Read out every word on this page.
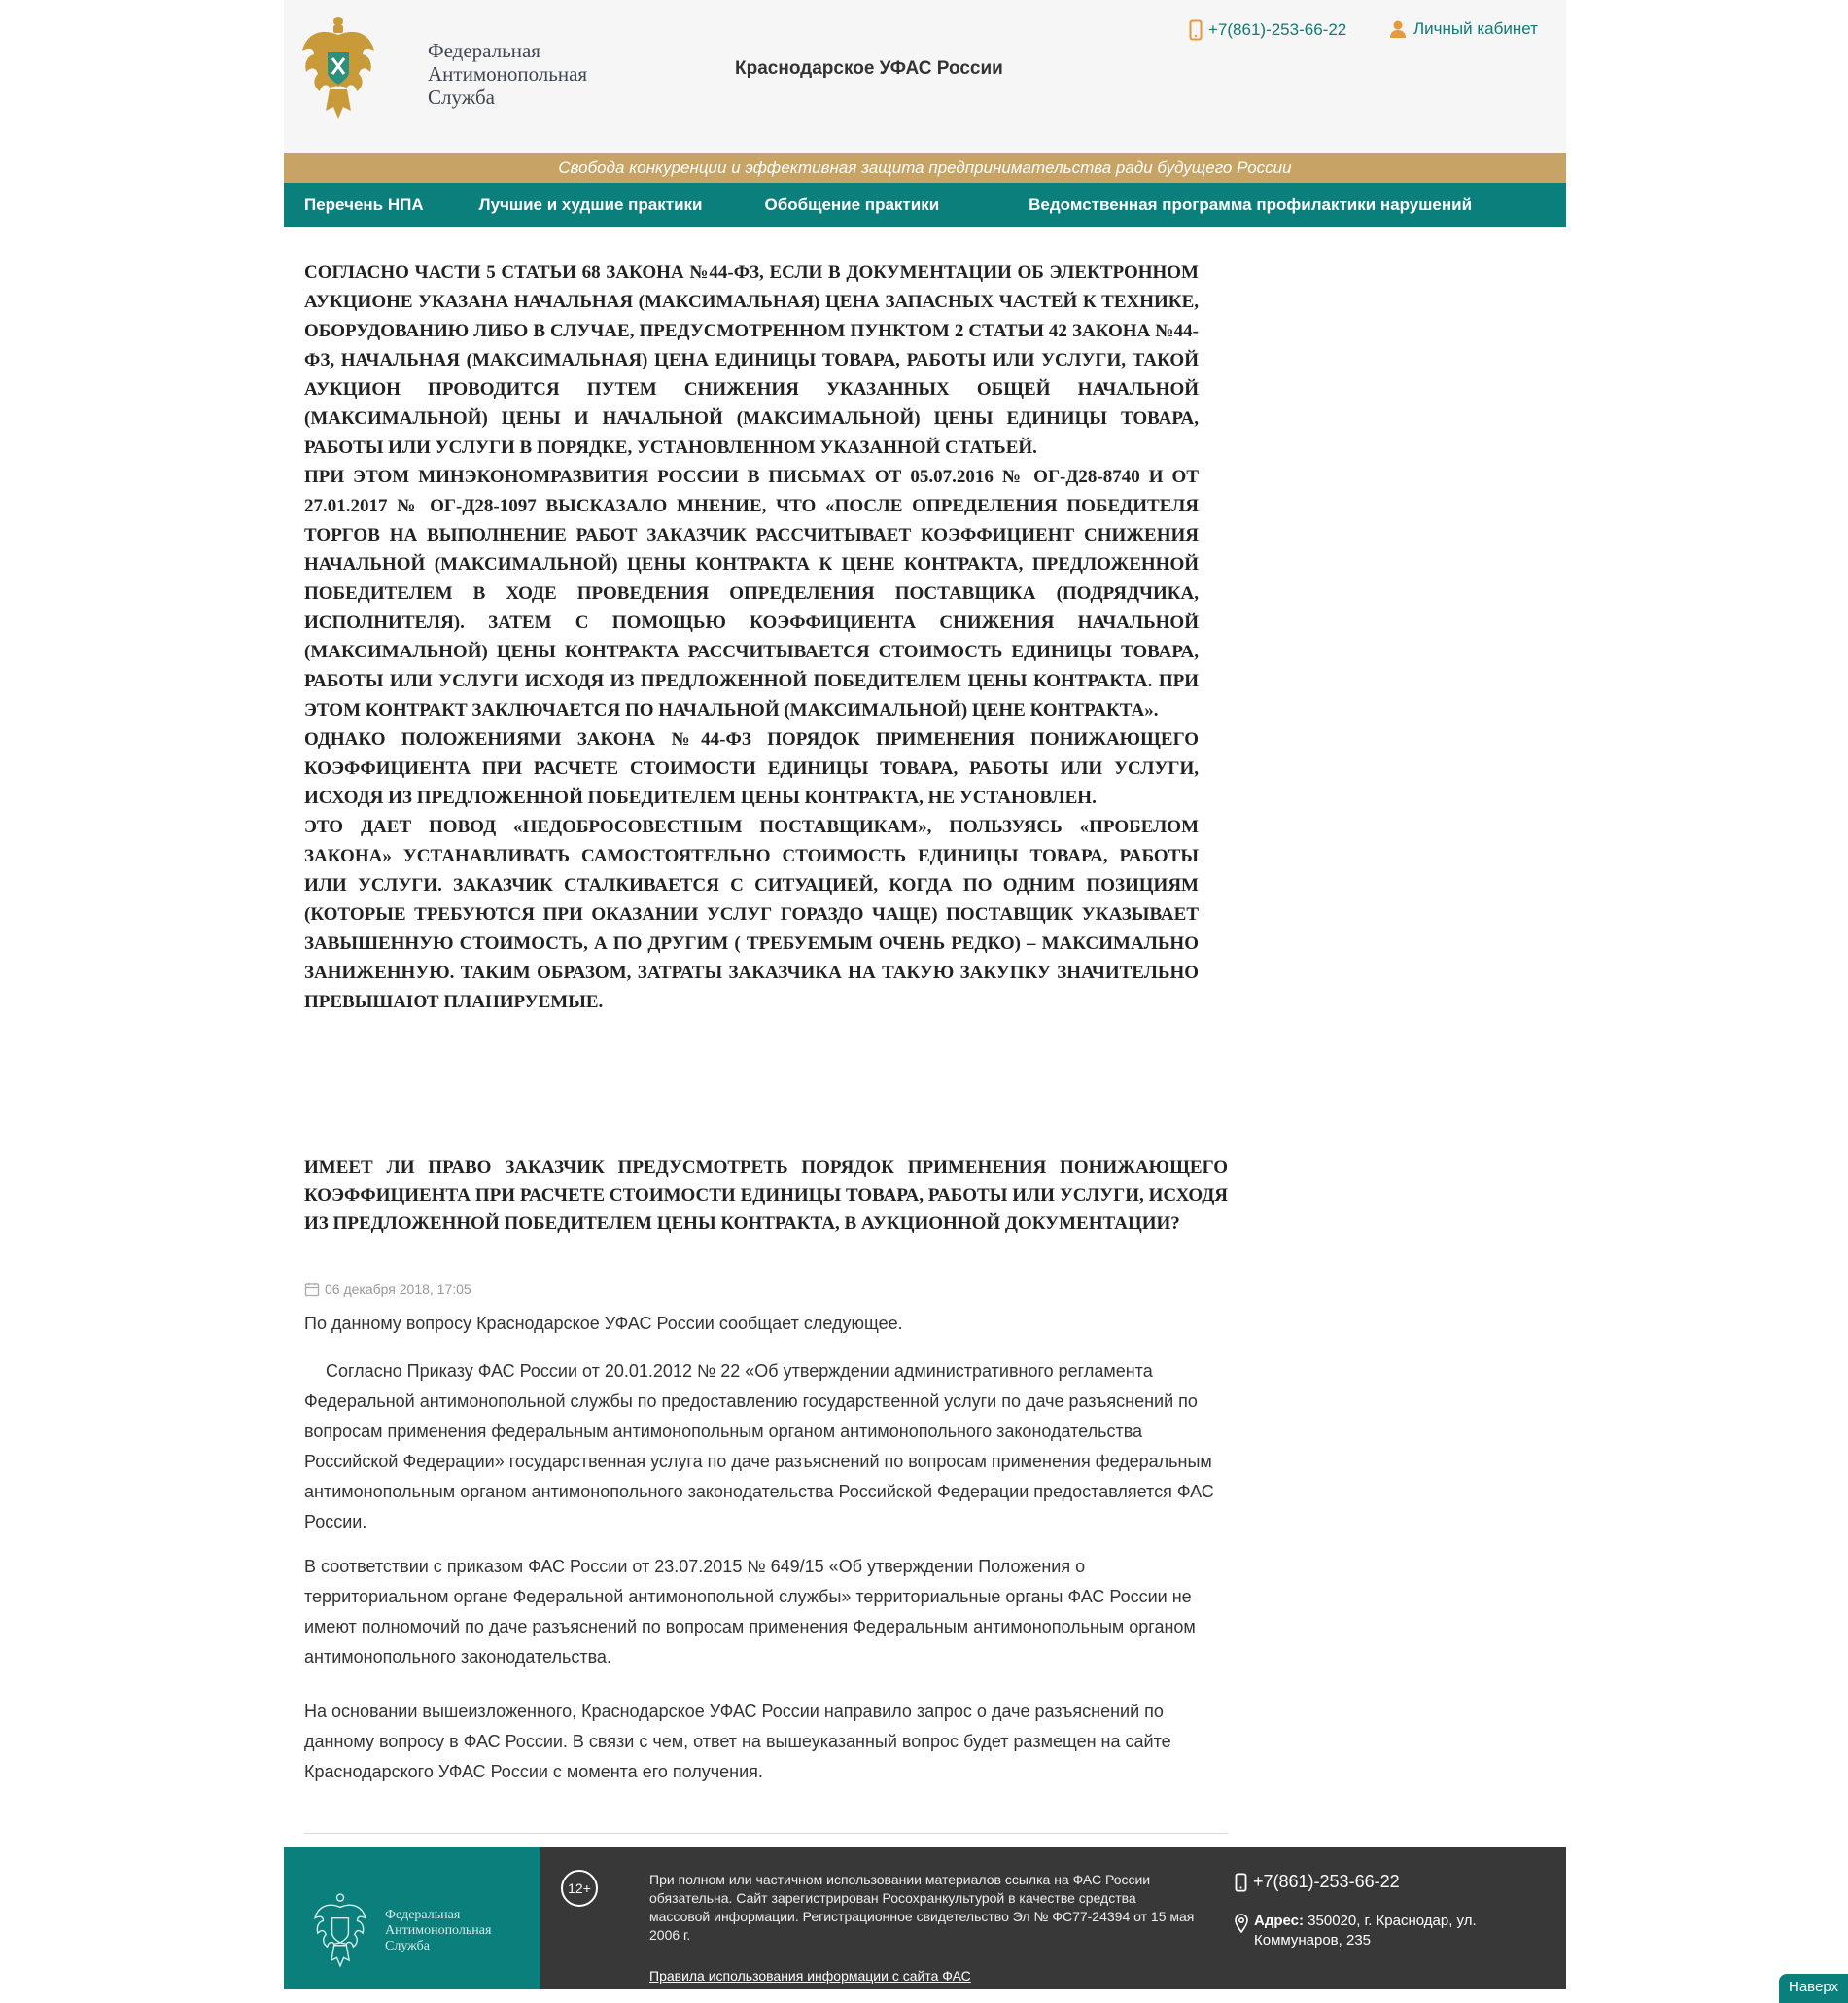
Федеральная
Антимонопольная
Служба
Краснодарское УФАС России
+7(861)-253-66-22	Личный кабинет
Свобода конкуренции и эффективная защита предпринимательства ради будущего России
Перечень НПА	Лучшие и худшие практики	Обобщение практики	Ведомственная программа профилактики нарушений

СОГЛАСНО ЧАСТИ 5 СТАТЬИ 68 ЗАКОНА №44-ФЗ, ЕСЛИ В ДОКУМЕНТАЦИИ ОБ ЭЛЕКТРОННОМ АУКЦИОНЕ УКАЗАНА НАЧАЛЬНАЯ (МАКСИМАЛЬНАЯ) ЦЕНА ЗАПАСНЫХ ЧАСТЕЙ К ТЕХНИКЕ, ОБОРУДОВАНИЮ ЛИБО В СЛУЧАЕ, ПРЕДУСМОТРЕННОМ ПУНКТОМ 2 СТАТЬИ 42 ЗАКОНА №44-ФЗ, НАЧАЛЬНАЯ (МАКСИМАЛЬНАЯ) ЦЕНА ЕДИНИЦЫ ТОВАРА, РАБОТЫ ИЛИ УСЛУГИ, ТАКОЙ АУКЦИОН ПРОВОДИТСЯ ПУТЕМ СНИЖЕНИЯ УКАЗАННЫХ ОБЩЕЙ НАЧАЛЬНОЙ (МАКСИМАЛЬНОЙ) ЦЕНЫ И НАЧАЛЬНОЙ (МАКСИМАЛЬНОЙ) ЦЕНЫ ЕДИНИЦЫ ТОВАРА, РАБОТЫ ИЛИ УСЛУГИ В ПОРЯДКЕ, УСТАНОВЛЕННОМ УКАЗАННОЙ СТАТЬЕЙ.

ПРИ ЭТОМ МИНЭКОНОМРАЗВИТИЯ РОССИИ В ПИСЬМАХ ОТ 05.07.2016 № ОГ-Д28-8740 И ОТ 27.01.2017 № ОГ-Д28-1097 ВЫСКАЗАЛО МНЕНИЕ, ЧТО «ПОСЛЕ ОПРЕДЕЛЕНИЯ ПОБЕДИТЕЛЯ ТОРГОВ НА ВЫПОЛНЕНИЕ РАБОТ ЗАКАЗЧИК РАССЧИТЫВАЕТ КОЭФФИЦИЕНТ СНИЖЕНИЯ НАЧАЛЬНОЙ (МАКСИМАЛЬНОЙ) ЦЕНЫ КОНТРАКТА К ЦЕНЕ КОНТРАКТА, ПРЕДЛОЖЕННОЙ ПОБЕДИТЕЛЕМ В ХОДЕ ПРОВЕДЕНИЯ ОПРЕДЕЛЕНИЯ ПОСТАВЩИКА (ПОДРЯДЧИКА, ИСПОЛНИТЕЛЯ). ЗАТЕМ С ПОМОЩЬЮ КОЭФФИЦИЕНТА СНИЖЕНИЯ НАЧАЛЬНОЙ (МАКСИМАЛЬНОЙ) ЦЕНЫ КОНТРАКТА РАССЧИТЫВАЕТСЯ СТОИМОСТЬ ЕДИНИЦЫ ТОВАРА, РАБОТЫ ИЛИ УСЛУГИ ИСХОДЯ ИЗ ПРЕДЛОЖЕННОЙ ПОБЕДИТЕЛЕМ ЦЕНЫ КОНТРАКТА. ПРИ ЭТОМ КОНТРАКТ ЗАКЛЮЧАЕТСЯ ПО НАЧАЛЬНОЙ (МАКСИМАЛЬНОЙ) ЦЕНЕ КОНТРАКТА».

ОДНАКО ПОЛОЖЕНИЯМИ ЗАКОНА №44-ФЗ ПОРЯДОК ПРИМЕНЕНИЯ ПОНИЖАЮЩЕГО КОЭФФИЦИЕНТА ПРИ РАСЧЕТЕ СТОИМОСТИ ЕДИНИЦЫ ТОВАРА, РАБОТЫ ИЛИ УСЛУГИ, ИСХОДЯ ИЗ ПРЕДЛОЖЕННОЙ ПОБЕДИТЕЛЕМ ЦЕНЫ КОНТРАКТА, НЕ УСТАНОВЛЕН.

ЭТО ДАЕТ ПОВОД «НЕДОБРОСОВЕСТНЫМ ПОСТАВЩИКАМ», ПОЛЬЗУЯСЬ «ПРОБЕЛОМ ЗАКОНА» УСТАНАВЛИВАТЬ САМОСТОЯТЕЛЬНО СТОИМОСТЬ ЕДИНИЦЫ ТОВАРА, РАБОТЫ ИЛИ УСЛУГИ. ЗАКАЗЧИК СТАЛКИВАЕТСЯ С СИТУАЦИЕЙ, КОГДА ПО ОДНИМ ПОЗИЦИЯМ (КОТОРЫЕ ТРЕБУЮТСЯ ПРИ ОКАЗАНИИ УСЛУГ ГОРАЗДО ЧАЩЕ) ПОСТАВЩИК УКАЗЫВАЕТ ЗАВЫШЕННУЮ СТОИМОСТЬ, А ПО ДРУГИМ ( ТРЕБУЕМЫМ ОЧЕНЬ РЕДКО) – МАКСИМАЛЬНО ЗАНИЖЕННУЮ. ТАКИМ ОБРАЗОМ, ЗАТРАТЫ ЗАКАЗЧИКА НА ТАКУЮ ЗАКУПКУ ЗНАЧИТЕЛЬНО ПРЕВЫШАЮТ ПЛАНИРУЕМЫЕ.

ИМЕЕТ ЛИ ПРАВО ЗАКАЗЧИК ПРЕДУСМОТРЕТЬ ПОРЯДОК ПРИМЕНЕНИЯ ПОНИЖАЮЩЕГО КОЭФФИЦИЕНТА ПРИ РАСЧЕТЕ СТОИМОСТИ ЕДИНИЦЫ ТОВАРА, РАБОТЫ ИЛИ УСЛУГИ, ИСХОДЯ ИЗ ПРЕДЛОЖЕННОЙ ПОБЕДИТЕЛЕМ ЦЕНЫ КОНТРАКТА, В АУКЦИОННОЙ ДОКУМЕНТАЦИИ?
06 декабря 2018, 17:05

По данному вопросу Краснодарское УФАС России сообщает следующее.

Согласно Приказу ФАС России от 20.01.2012 № 22 «Об утверждении административного регламента Федеральной антимонопольной службы по предоставлению государственной услуги по даче разъяснений по вопросам применения федеральным антимонопольным органом антимонопольного законодательства Российской Федерации» государственная услуга по даче разъяснений по вопросам применения федеральным антимонопольным органом антимонопольного законодательства Российской Федерации предоставляется ФАС России.

В соответствии с приказом ФАС России от 23.07.2015 № 649/15 «Об утверждении Положения о территориальном органе Федеральной антимонопольной службы» территориальные органы ФАС России не имеют полномочий по даче разъяснений по вопросам применения Федеральным антимонопольным органом антимонопольного законодательства.

На основании вышеизложенного, Краснодарское УФАС России направило запрос о даче разъяснений по данному вопросу в ФАС России. В связи с чем, ответ на вышеуказанный вопрос будет размещен на сайте Краснодарского УФАС России с момента его получения.

Федеральная
Антимонопольная
Служба
12+
При полном или частичном использовании материалов ссылка на ФАС России обязательна. Сайт зарегистрирован Росохранкультурой в качестве средства массовой информации. Регистрационное свидетельство Эл № ФС77-24394 от 15 мая 2006 г.
Правила использования информации с сайта ФАС
+7(861)-253-66-22
Адрес: 350020, г. Краснодар, ул. Коммунаров, 235
Наверх
